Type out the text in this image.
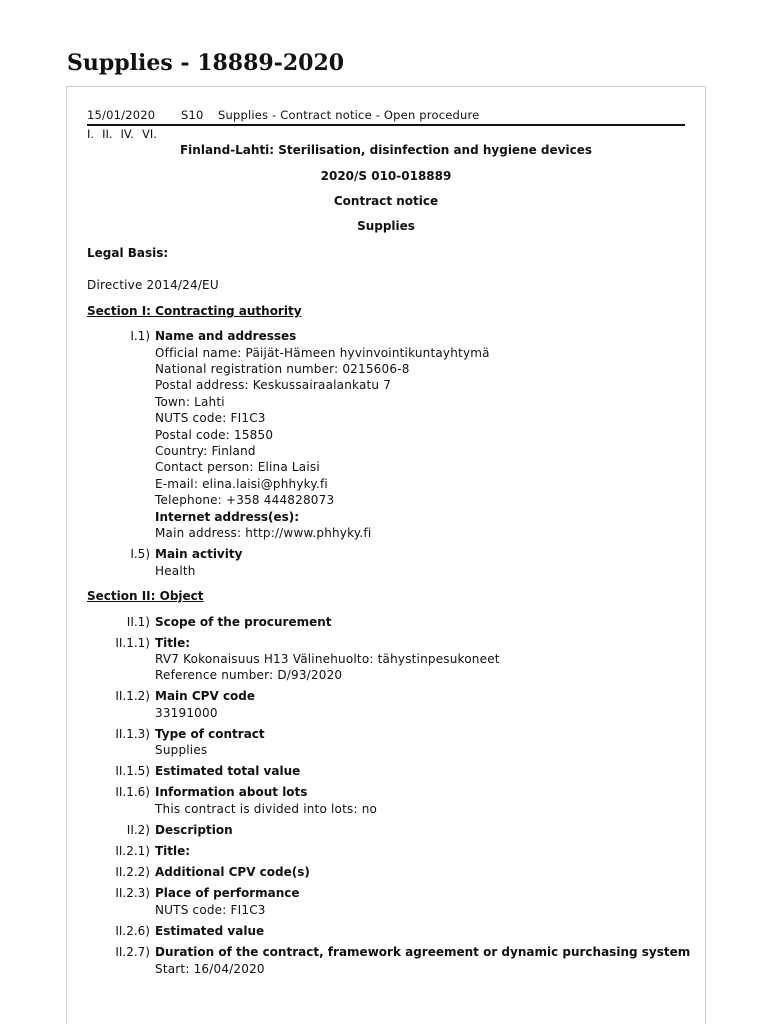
Supplies - 18889-2020
15/01/2020 S10 Supplies - Contract notice - Open procedure
I. II. IV. VI.
Finland-Lahti: Sterilisation, disinfection and hygiene devices
2020/S 010-018889
Contract notice
Supplies
Legal Basis:
Directive 2014/24/EU
Section I: Contracting authority
I.1) Name and addresses
Official name: Päijät-Hämeen hyvinvointikuntayhtymä
National registration number: 0215606-8
Postal address: Keskussairaalankatu 7
Town: Lahti
NUTS code: FI1C3
Postal code: 15850
Country: Finland
Contact person: Elina Laisi
E-mail: elina.laisi@phhyky.fi
Telephone: +358 444828073
Internet address(es):
Main address: http://www.phhyky.fi
I.5) Main activity
Health
Section II: Object
II.1) Scope of the procurement
II.1.1) Title:
RV7 Kokonaisuus H13 Välinehuolto: tähystinpesukoneet
Reference number: D/93/2020
II.1.2) Main CPV code
33191000
II.1.3) Type of contract
Supplies
II.1.5) Estimated total value
II.1.6) Information about lots
This contract is divided into lots: no
II.2) Description
II.2.1) Title:
II.2.2) Additional CPV code(s)
II.2.3) Place of performance
NUTS code: FI1C3
II.2.6) Estimated value
II.2.7) Duration of the contract, framework agreement or dynamic purchasing system
Start: 16/04/2020
